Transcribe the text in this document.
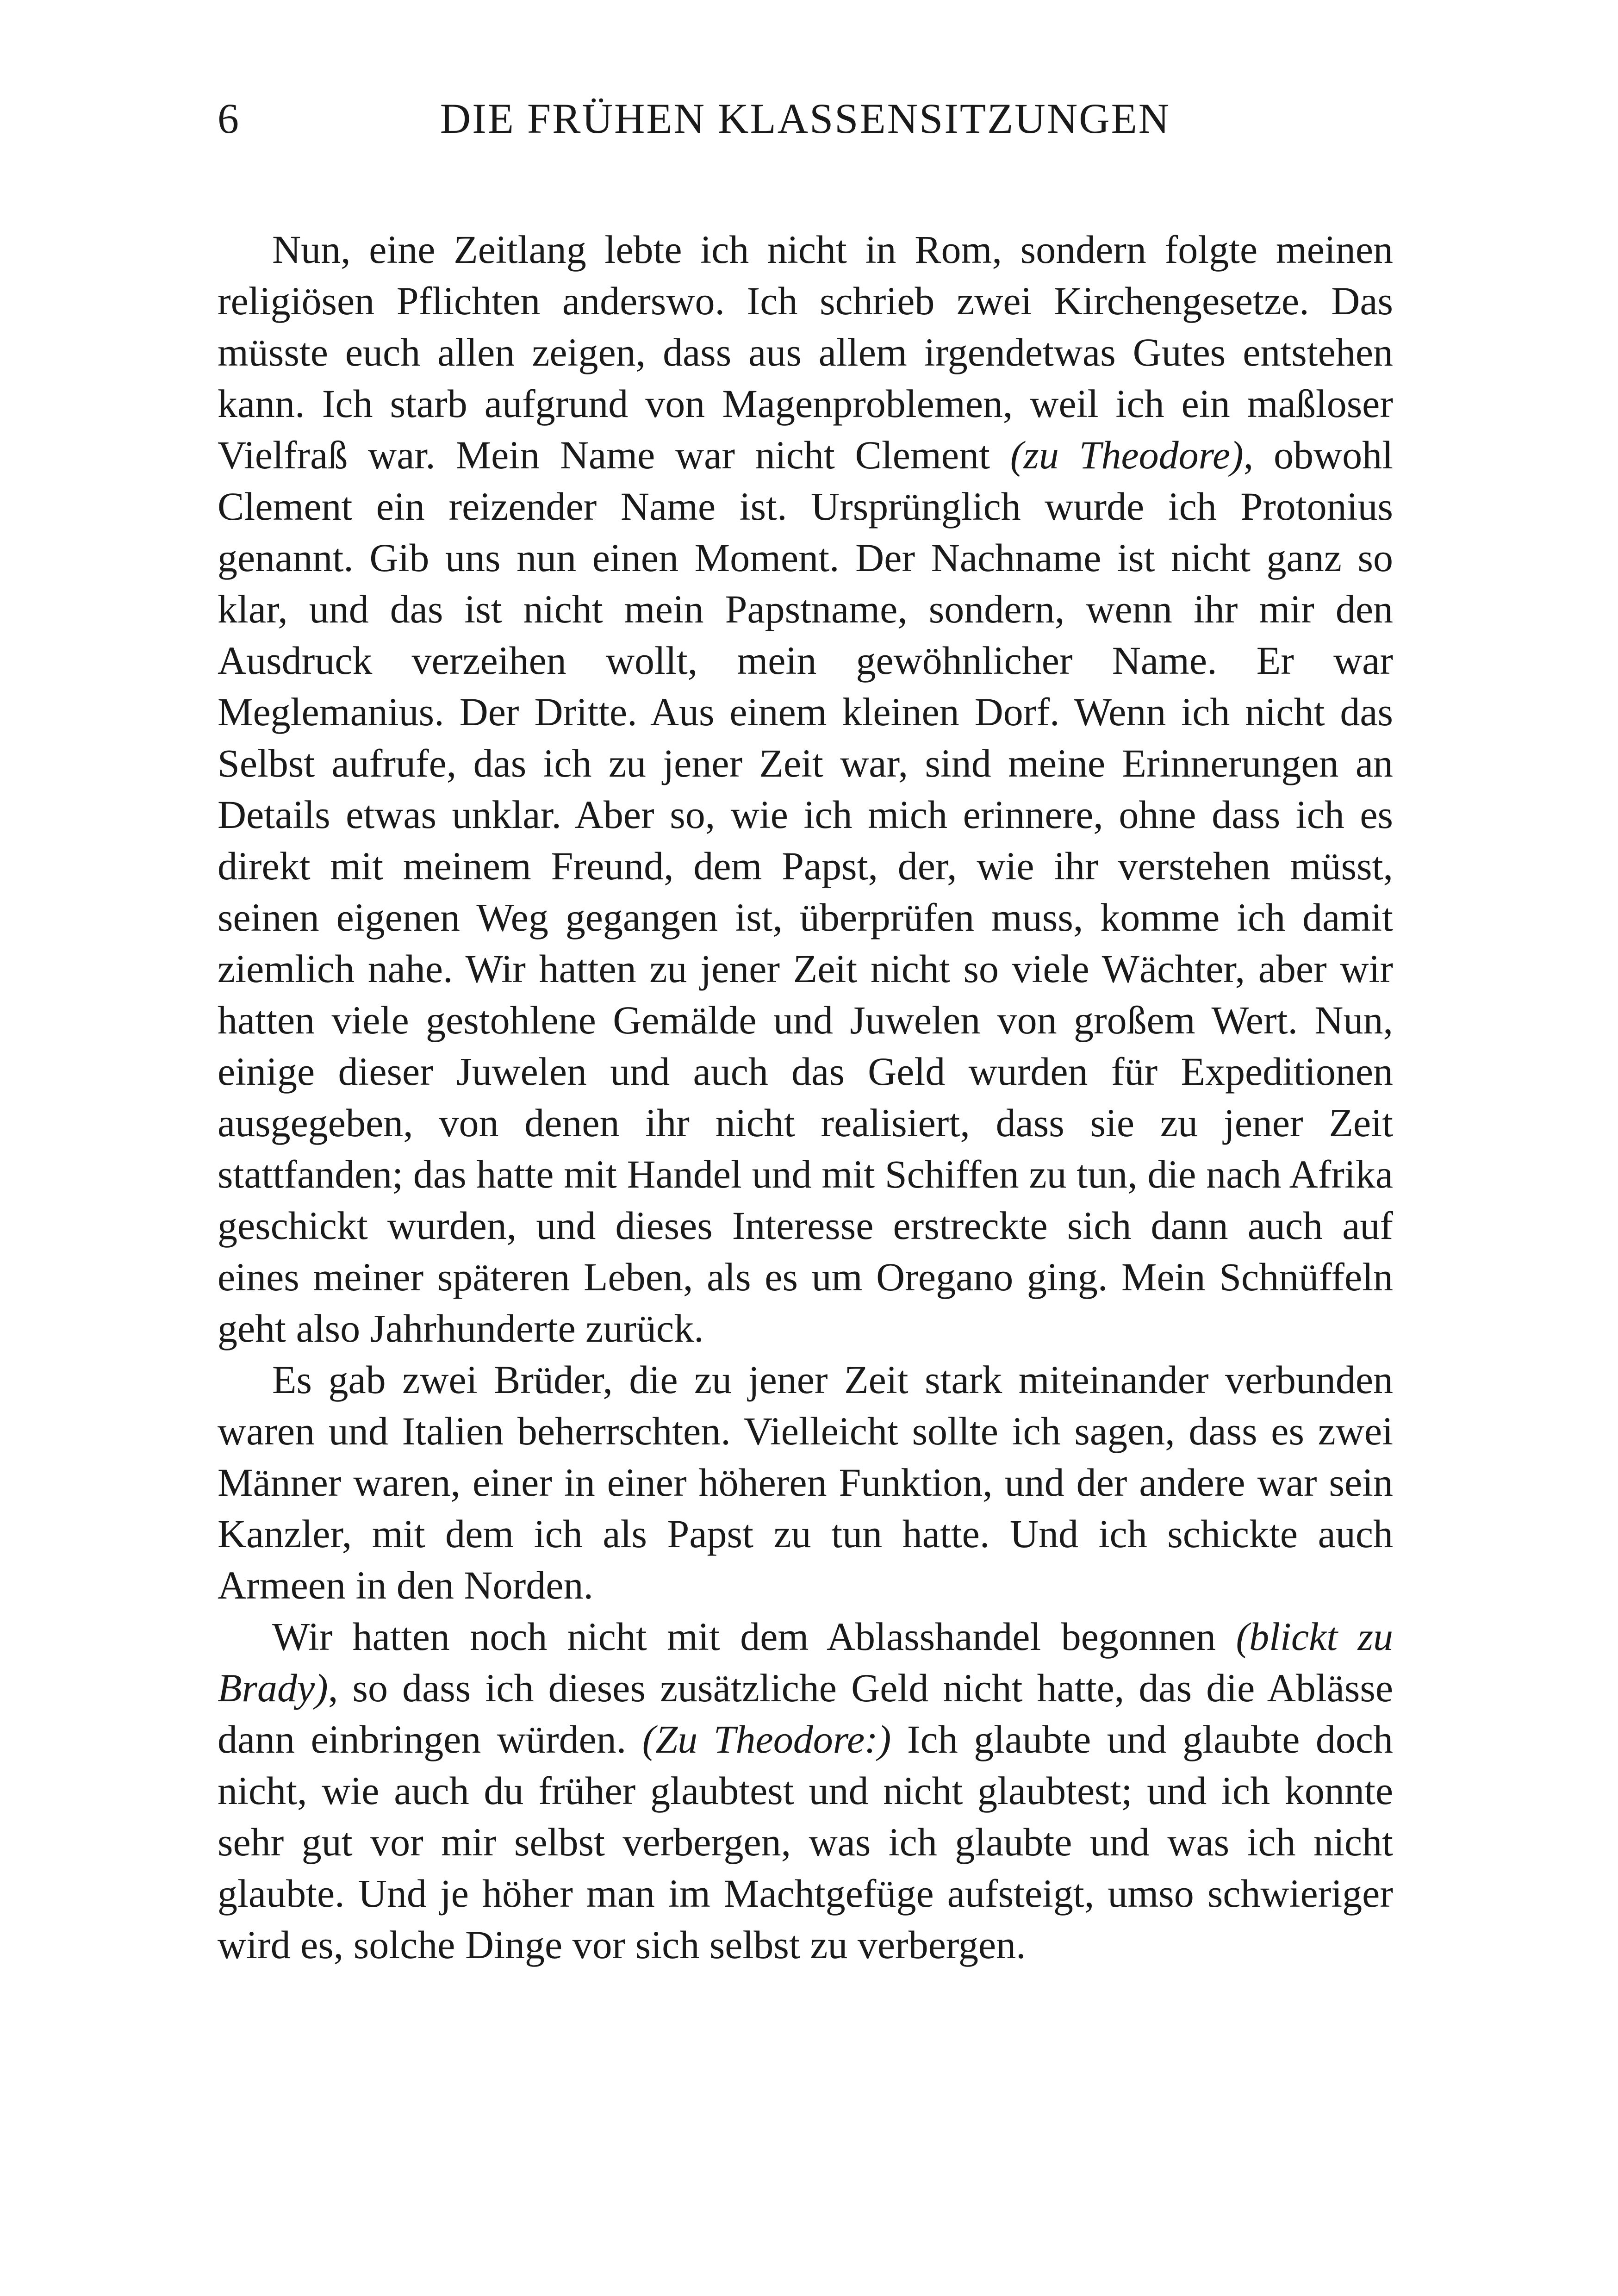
6	DIE FRÜHEN KLASSENSITZUNGEN

Nun, eine Zeitlang lebte ich nicht in Rom, sondern folgte meinen religiösen Pflichten anderswo. Ich schrieb zwei Kirchengesetze. Das müsste euch allen zeigen, dass aus allem irgendetwas Gutes entstehen kann. Ich starb aufgrund von Magenproblemen, weil ich ein maßloser Vielfraß war. Mein Name war nicht Clement (zu Theodore), obwohl Clement ein reizender Name ist. Ursprünglich wurde ich Protonius genannt. Gib uns nun einen Moment. Der Nachname ist nicht ganz so klar, und das ist nicht mein Papstname, sondern, wenn ihr mir den Ausdruck verzeihen wollt, mein gewöhnlicher Name. Er war Meglemanius. Der Dritte. Aus einem kleinen Dorf. Wenn ich nicht das Selbst aufrufe, das ich zu jener Zeit war, sind meine Erinnerungen an Details etwas unklar. Aber so, wie ich mich erinnere, ohne dass ich es direkt mit meinem Freund, dem Papst, der, wie ihr verstehen müsst, seinen eigenen Weg gegangen ist, überprüfen muss, komme ich damit ziemlich nahe. Wir hatten zu jener Zeit nicht so viele Wächter, aber wir hatten viele gestohlene Gemälde und Juwelen von großem Wert. Nun, einige dieser Juwelen und auch das Geld wurden für Expeditionen ausgegeben, von denen ihr nicht realisiert, dass sie zu jener Zeit stattfanden; das hatte mit Handel und mit Schiffen zu tun, die nach Afrika geschickt wurden, und dieses Interesse erstreckte sich dann auch auf eines meiner späteren Leben, als es um Oregano ging. Mein Schnüffeln geht also Jahrhunderte zurück.

Es gab zwei Brüder, die zu jener Zeit stark miteinander verbunden waren und Italien beherrschten. Vielleicht sollte ich sagen, dass es zwei Männer waren, einer in einer höheren Funktion, und der andere war sein Kanzler, mit dem ich als Papst zu tun hatte. Und ich schickte auch Armeen in den Norden.

Wir hatten noch nicht mit dem Ablasshandel begonnen (blickt zu Brady), so dass ich dieses zusätzliche Geld nicht hatte, das die Ablässe dann einbringen würden. (Zu Theodore:) Ich glaubte und glaubte doch nicht, wie auch du früher glaubtest und nicht glaubtest; und ich konnte sehr gut vor mir selbst verbergen, was ich glaubte und was ich nicht glaubte. Und je höher man im Machtgefüge aufsteigt, umso schwieriger wird es, solche Dinge vor sich selbst zu verbergen.
